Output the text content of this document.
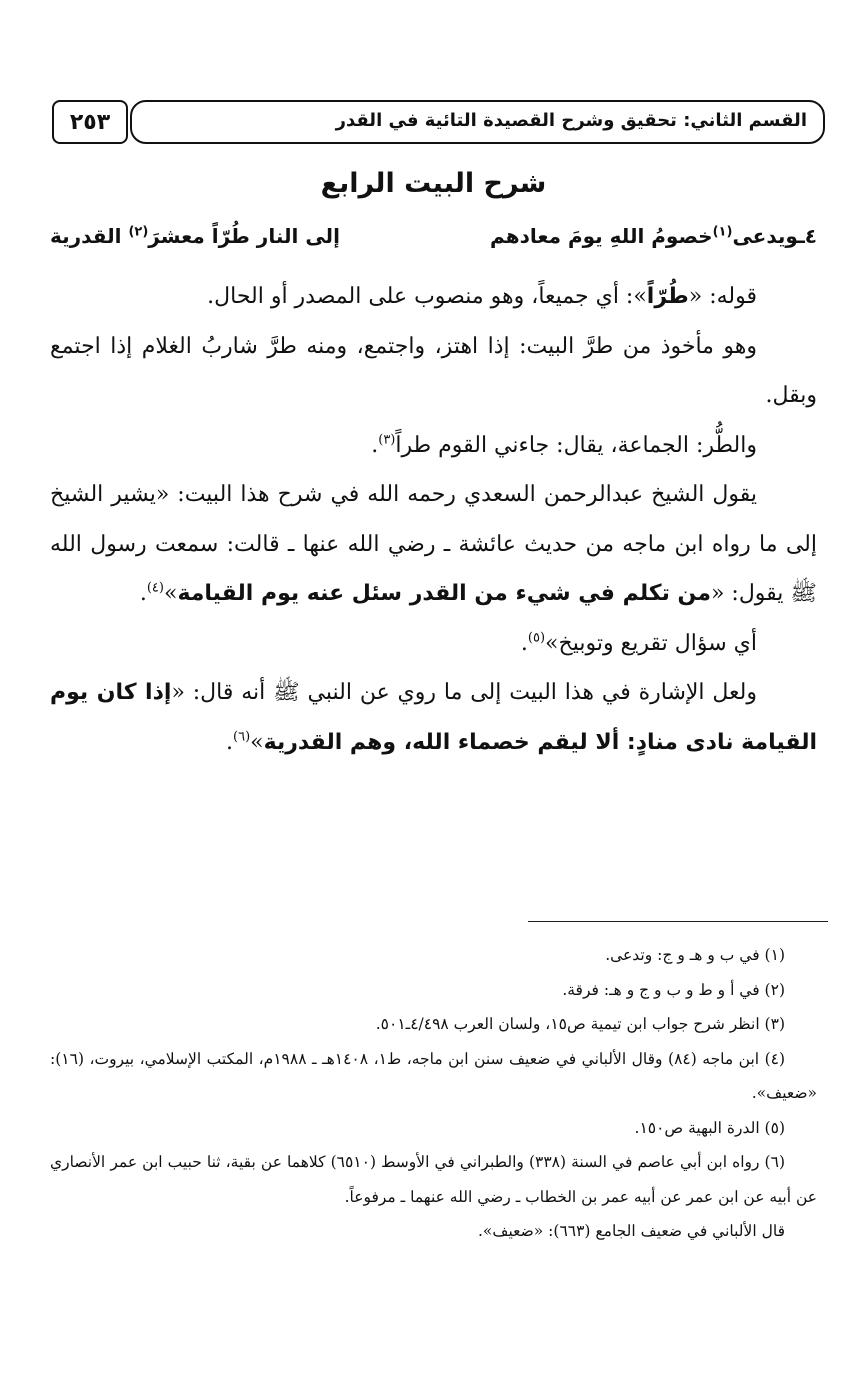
القسم الثاني: تحقيق وشرح القصيدة التائية في القدر
٢٥٣
شرح البيت الرابع
٤ـويدعى$^{(١)}$خصومُ اللهِ يومَ معادهم
إلى النار طُرّاً معشرَ$^{(٢)}$ القدرية

قوله: «طُرّاً»: أي جميعاً، وهو منصوب على المصدر أو الحال.

وهو مأخوذ من طرَّ البيت: إذا اهتز، واجتمع، ومنه طرَّ شاربُ الغلام إذا اجتمع وبقل.

والطُّر: الجماعة، يقال: جاءني القوم طراً$^{(٣)}$.

يقول الشيخ عبدالرحمن السعدي رحمه الله في شرح هذا البيت: «يشير الشيخ إلى ما رواه ابن ماجه من حديث عائشة ـ رضي الله عنها ـ قالت: سمعت رسول الله ﷺ يقول: «من تكلم في شيء من القدر سئل عنه يوم القيامة»$^{(٤)}$.

أي سؤال تقريع وتوبيخ»$^{(٥)}$.

ولعل الإشارة في هذا البيت إلى ما روي عن النبي ﷺ أنه قال: «إذا كان يوم القيامة نادى منادٍ: ألا ليقم خصماء الله، وهم القدرية»$^{(٦)}$.

(١) في ب و هـ و ج: وتدعى.

(٢) في أ و ط و ب و ج و هـ: فرقة.

(٣) انظر شرح جواب ابن تيمية ص١٥، ولسان العرب ٤/٤٩٨ـ٥٠١.

(٤) ابن ماجه (٨٤) وقال الألباني في ضعيف سنن ابن ماجه، ط١، ١٤٠٨هـ ـ ١٩٨٨م، المكتب الإسلامي، بيروت، (١٦): «ضعيف».

(٥) الدرة البهية ص١٥٠.

(٦) رواه ابن أبي عاصم في السنة (٣٣٨) والطبراني في الأوسط (٦٥١٠) كلاهما عن بقية، ثنا حبيب ابن عمر الأنصاري عن أبيه عن ابن عمر عن أبيه عمر بن الخطاب ـ رضي الله عنهما ـ مرفوعاً.

قال الألباني في ضعيف الجامع (٦٦٣): «ضعيف».
